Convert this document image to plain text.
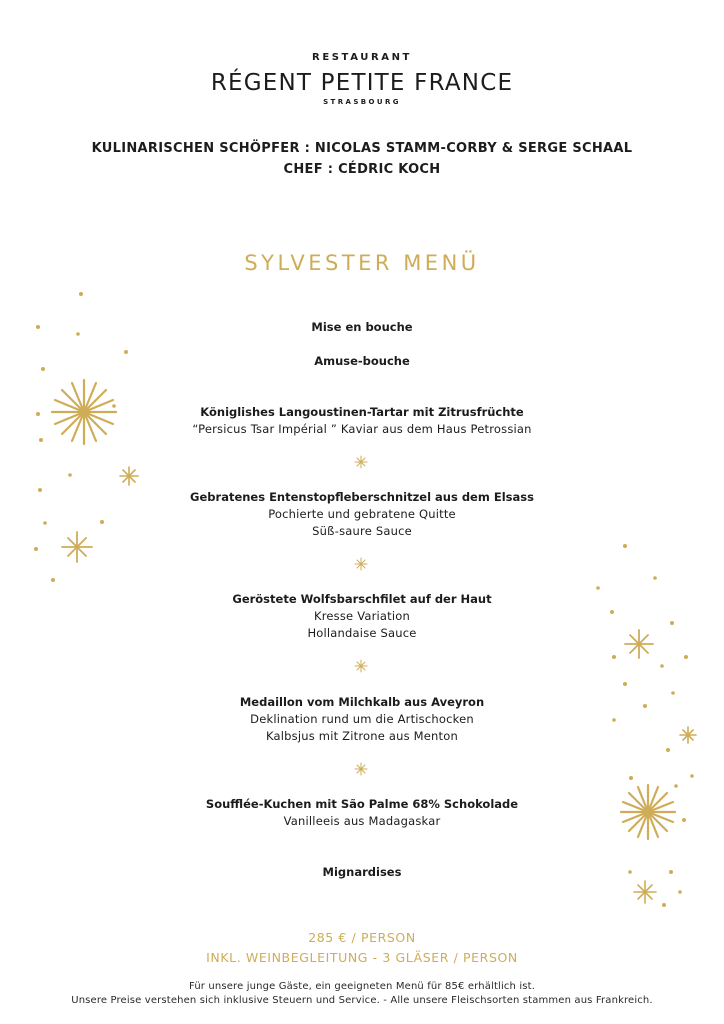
RESTAURANT
RÉGENT PETITE FRANCE
STRASBOURG
KULINARISCHEN SCHÖPFER : NICOLAS STAMM-CORBY & SERGE SCHAAL
CHEF : CÉDRIC KOCH
SYLVESTER MENÜ
Mise en bouche
Amuse-bouche
Königlishes Langoustinen-Tartar mit Zitrusfrüchte
“Persicus Tsar Impérial ” Kaviar aus dem Haus Petrossian
Gebratenes Entenstopfleberschnitzel aus dem Elsass
Pochierte und gebratene Quitte
Süß-saure Sauce
Geröstete Wolfsbarschfilet auf der Haut
Kresse Variation
Hollandaise Sauce
Medaillon vom Milchkalb aus Aveyron
Deklination rund um die Artischocken
Kalbsjus mit Zitrone aus Menton
Soufflée-Kuchen mit São Palme 68% Schokolade
Vanilleeis aus Madagaskar
Mignardises
285 € / PERSON
INKL. WEINBEGLEITUNG - 3 GLÄSER / PERSON
Für unsere junge Gäste, ein geeigneten Menü für 85€ erhältlich ist.
Unsere Preise verstehen sich inklusive Steuern und Service. - Alle unsere Fleischsorten stammen aus Frankreich.
